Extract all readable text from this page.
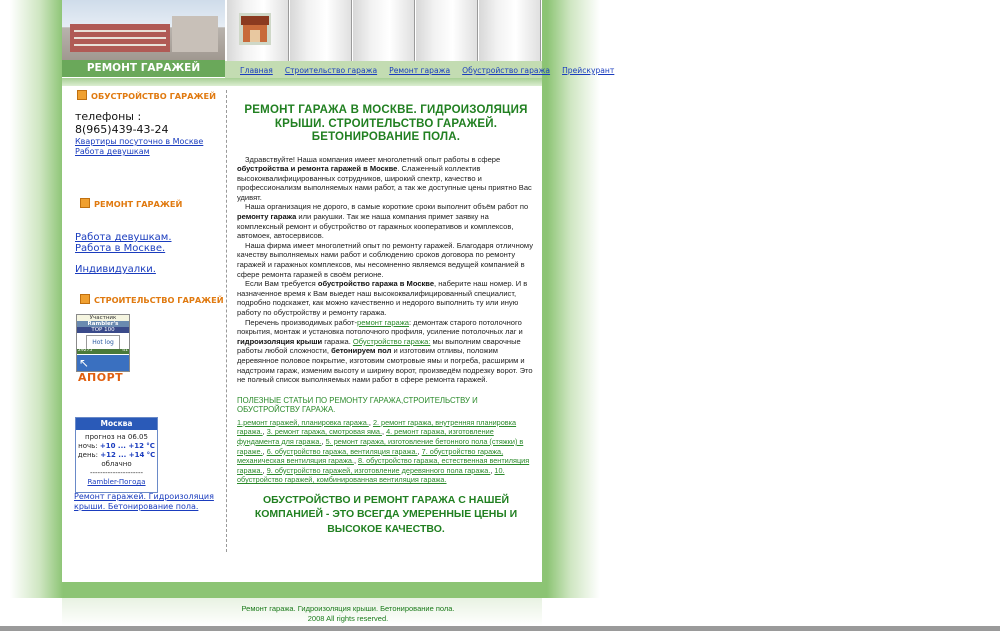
РЕМОНТ ГАРАЖЕЙ	Главная Строительство гаража Ремонт гаража Обустройство гаража Прейскурант
ОБУСТРОЙСТВО ГАРАЖЕЙ
телефоны :
8(965)439-43-24
Квартиры посуточно в Москве
Работа девушкам
РЕМОНТ ГАРАЖЕЙ
Работа девушкам.
Работа в Москве.
Индивидуалки.
СТРОИТЕЛЬСТВО ГАРАЖЕЙ
Участник
Rambler's
TOP 100
Hot log
29275	41
↖
АПОРТ
Москва
прогноз на 06.05
ночь: +10 ... +12 °C
день: +12 ... +14 °C
облачно
---------------------
Rambler-Погода
Ремонт гаражей. Гидроизоляция крыши. Бетонирование пола.
РЕМОНТ ГАРАЖА В МОСКВЕ. ГИДРОИЗОЛЯЦИЯ КРЫШИ. СТРОИТЕЛЬСТВО ГАРАЖЕЙ. БЕТОНИРОВАНИЕ ПОЛА.

Здравствуйте! Наша компания имеет многолетний опыт работы в сфере обустройства и ремонта гаражей в Москве. Слаженный коллектив высококвалифицированных сотрудников, широкий спектр, качество и профессионализм выполняемых нами работ, а так же доступные цены приятно Вас удивят.

Наша организация не дорого, в самые короткие сроки выполнит объём работ по ремонту гаража или ракушки. Так же наша компания примет заявку на комплексный ремонт и обустройство от гаражных кооперативов и комплексов, автомоек, автосервисов.

Наша фирма имеет многолетний опыт по ремонту гаражей. Благодаря отличному качеству выполняемых нами работ и соблюдению сроков договора по ремонту гаражей и гаражных комплексов, мы несомненно являемся ведущей компанией в сфере ремонта гаражей в своём регионе.

Если Вам требуется обустройство гаража в Москве, наберите наш номер. И в назначенное время к Вам выедет наш высококвалифицированный специалист, подробно подскажет, как можно качественно и недорого выполнить ту или иную работу по обустройству и ремонту гаража.

Перечень производимых работ-ремонт гаража: демонтаж старого потолочного покрытия, монтаж и установка потолочного профиля, усиление потолочных лаг и гидроизоляция крыши гаража. Обустройство гаража: мы выполним сварочные работы любой сложности, бетонируем пол и изготовим отливы, положим деревянное половое покрытие, изготовим смотровые ямы и погреба, расширим и надстроим гараж, изменим высоту и ширину ворот, произведём подрезку ворот. Это не полный список выполняемых нами работ в сфере ремонта гаражей.

ПОЛЕЗНЫЕ СТАТЬИ ПО РЕМОНТУ ГАРАЖА,СТРОИТЕЛЬСТВУ И ОБУСТРОЙСТВУ ГАРАЖА.
1.ремонт гаражей, планировка гаража., 2. ремонт гаража, внутренняя планировка гаража., 3. ремонт гаража, смотровая яма., 4. ремонт гаража, изготовление фундамента для гаража., 5. ремонт гаража, изготовление бетонного пола (стяжки) в гараже., 6. обустройство гаража, вентиляция гаража., 7. обустройство гаража, механическая вентиляция гаража., 8. обустройство гаража, естественная вентиляция гаража., 9. обустройство гаражей, изготовление деревянного пола гаража., 10. обустройство гаражей, комбинированная вентиляция гаража.
ОБУСТРОЙСТВО И РЕМОНТ ГАРАЖА С НАШЕЙ КОМПАНИЕЙ - ЭТО ВСЕГДА УМЕРЕННЫЕ ЦЕНЫ И ВЫСОКОЕ КАЧЕСТВО.
Ремонт гаража. Гидроизоляция крыши. Бетонирование пола.
2008 All rights reserved.
